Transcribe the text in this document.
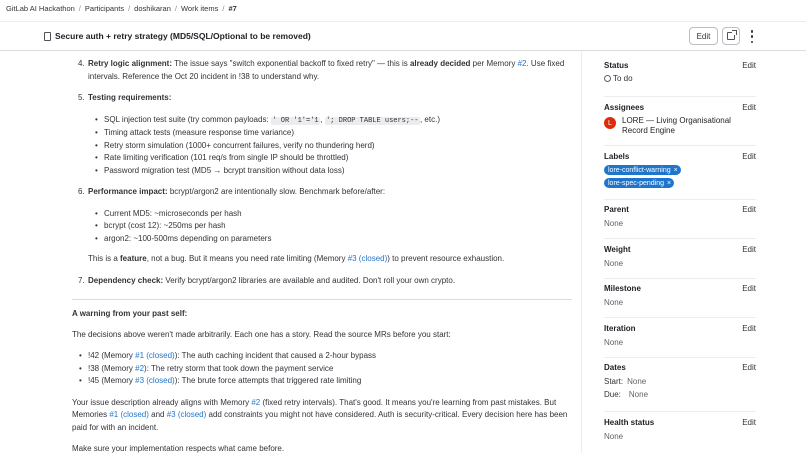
GitLab AI Hackathon / Participants / doshikaran / Work items / #7
Secure auth + retry strategy (MD5/SQL/Optional to be removed)	Edit
4. Retry logic alignment: The issue says "switch exponential backoff to fixed retry" — this is already decided per Memory #2. Use fixed intervals. Reference the Oct 20 incident in !38 to understand why.
5. Testing requirements:
• SQL injection test suite (try common payloads: ' OR '1'='1 , '; DROP TABLE users;-- , etc.)
• Timing attack tests (measure response time variance)
• Retry storm simulation (1000+ concurrent failures, verify no thundering herd)
• Rate limiting verification (101 req/s from single IP should be throttled)
• Password migration test (MD5 → bcrypt transition without data loss)
6. Performance impact: bcrypt/argon2 are intentionally slow. Benchmark before/after:
• Current MD5: ~microseconds per hash
• bcrypt (cost 12): ~250ms per hash
• argon2: ~100-500ms depending on parameters
This is a feature, not a bug. But it means you need rate limiting (Memory #3 (closed)) to prevent resource exhaustion.
7. Dependency check: Verify bcrypt/argon2 libraries are available and audited. Don't roll your own crypto.
A warning from your past self:
The decisions above weren't made arbitrarily. Each one has a story. Read the source MRs before you start:
• !42 (Memory #1 (closed)): The auth caching incident that caused a 2-hour bypass
• !38 (Memory #2): The retry storm that took down the payment service
• !45 (Memory #3 (closed)): The brute force attempts that triggered rate limiting
Your issue description already aligns with Memory #2 (fixed retry intervals). That's good. It means you're learning from past mistakes. But Memories #1 (closed) and #3 (closed) add constraints you might not have considered. Auth is security-critical. Every decision here has been paid for with an incident.
Make sure your implementation respects what came before.
Status	Edit
To do
Assignees	Edit
L	LORE — Living Organisational Record Engine
Labels	Edit
lore-conflict-warning ×
lore-spec-pending ×
Parent	Edit
None
Weight	Edit
None
Milestone	Edit
None
Iteration	Edit
None
Dates	Edit
Start: None
Due: None
Health status	Edit
None
